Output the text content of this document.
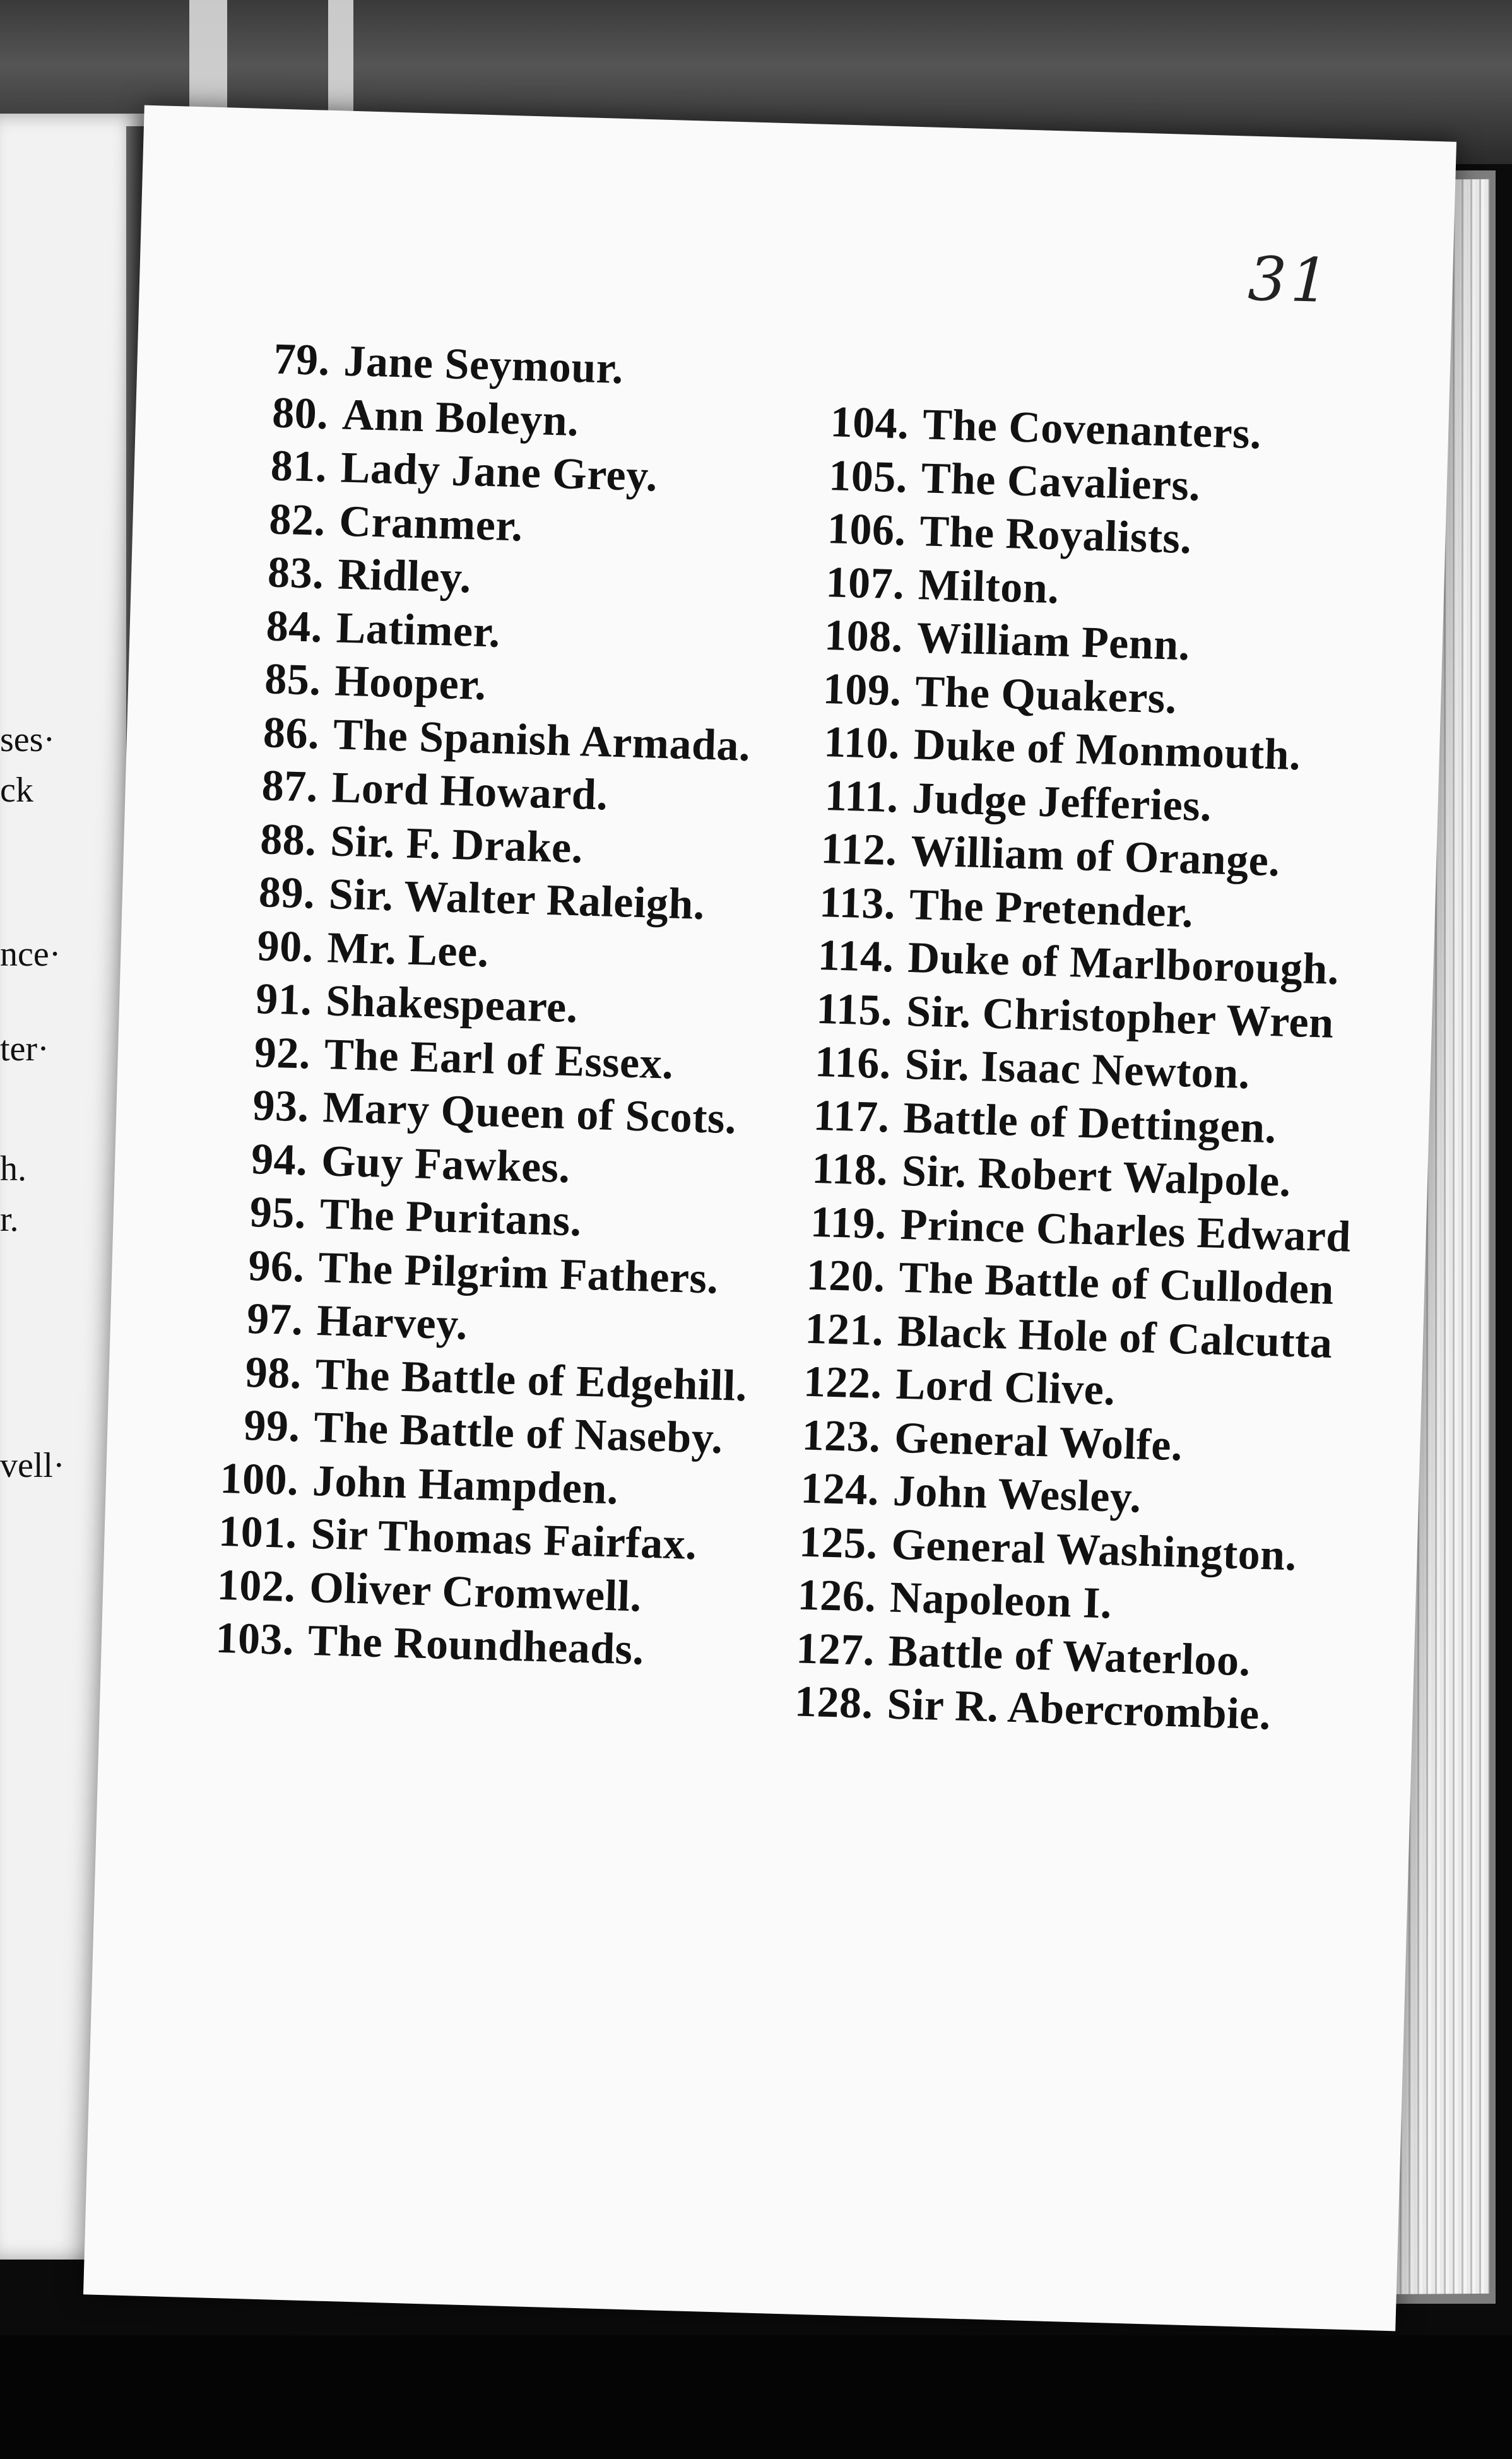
ses·
ck
nce·
ter·
h.
r.
vell·
31
79. Jane Seymour.
80. Ann Boleyn.
81. Lady Jane Grey.
82. Cranmer.
83. Ridley.
84. Latimer.
85. Hooper.
86. The Spanish Armada.
87. Lord Howard.
88. Sir. F. Drake.
89. Sir. Walter Raleigh.
90. Mr. Lee.
91. Shakespeare.
92. The Earl of Essex.
93. Mary Queen of Scots.
94. Guy Fawkes.
95. The Puritans.
96. The Pilgrim Fathers.
97. Harvey.
98. The Battle of Edgehill.
99. The Battle of Naseby.
100. John Hampden.
101. Sir Thomas Fairfax.
102. Oliver Cromwell.
103. The Roundheads.
104. The Covenanters.
105. The Cavaliers.
106. The Royalists.
107. Milton.
108. William Penn.
109. The Quakers.
110. Duke of Monmouth.
111. Judge Jefferies.
112. William of Orange.
113. The Pretender.
114. Duke of Marlborough.
115. Sir. Christopher Wren
116. Sir. Isaac Newton.
117. Battle of Dettingen.
118. Sir. Robert Walpole.
119. Prince Charles Edward
120. The Battle of Culloden
121. Black Hole of Calcutta
122. Lord Clive.
123. General Wolfe.
124. John Wesley.
125. General Washington.
126. Napoleon I.
127. Battle of Waterloo.
128. Sir R. Abercrombie.
